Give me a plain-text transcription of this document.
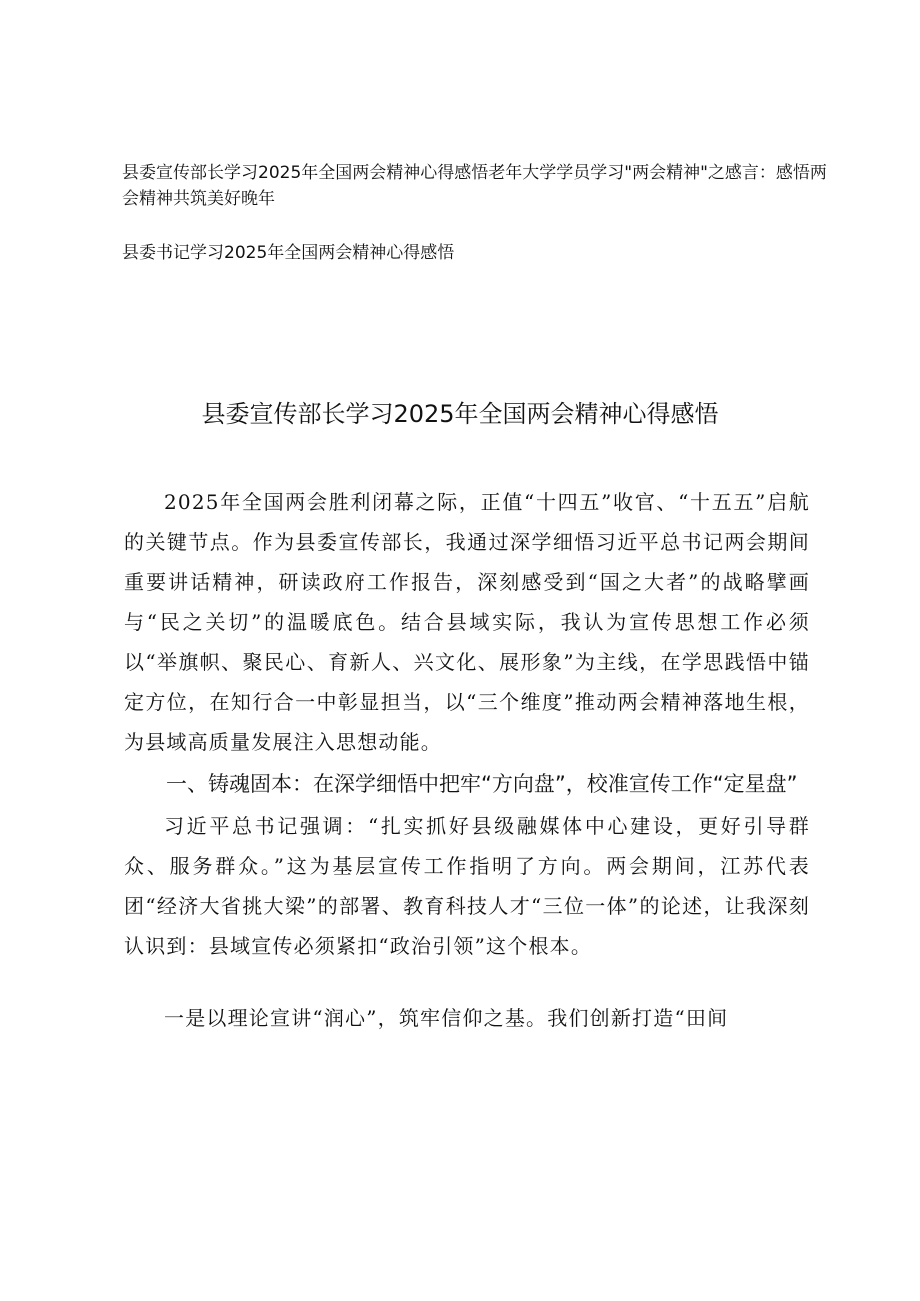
县委宣传部长学习2025年全国两会精神心得感悟老年大学学员学习"两会精神"之感言：感悟两会精神共筑美好晚年
县委书记学习2025年全国两会精神心得感悟
县委宣传部长学习2025年全国两会精神心得感悟

2025年全国两会胜利闭幕之际，正值“十四五”收官、“十五五”启航的关键节点。作为县委宣传部长，我通过深学细悟习近平总书记两会期间重要讲话精神，研读政府工作报告，深刻感受到“国之大者”的战略擘画与“民之关切”的温暖底色。结合县域实际，我认为宣传思想工作必须以“举旗帜、聚民心、育新人、兴文化、展形象”为主线，在学思践悟中锚定方位，在知行合一中彰显担当，以“三个维度”推动两会精神落地生根，为县域高质量发展注入思想动能。

一、铸魂固本：在深学细悟中把牢“方向盘”，校准宣传工作“定星盘”

习近平总书记强调：“扎实抓好县级融媒体中心建设，更好引导群众、服务群众。”这为基层宣传工作指明了方向。两会期间，江苏代表团“经济大省挑大梁”的部署、教育科技人才“三位一体”的论述，让我深刻认识到：县域宣传必须紧扣“政治引领”这个根本。

一是以理论宣讲“润心”，筑牢信仰之基。我们创新打造“田间
